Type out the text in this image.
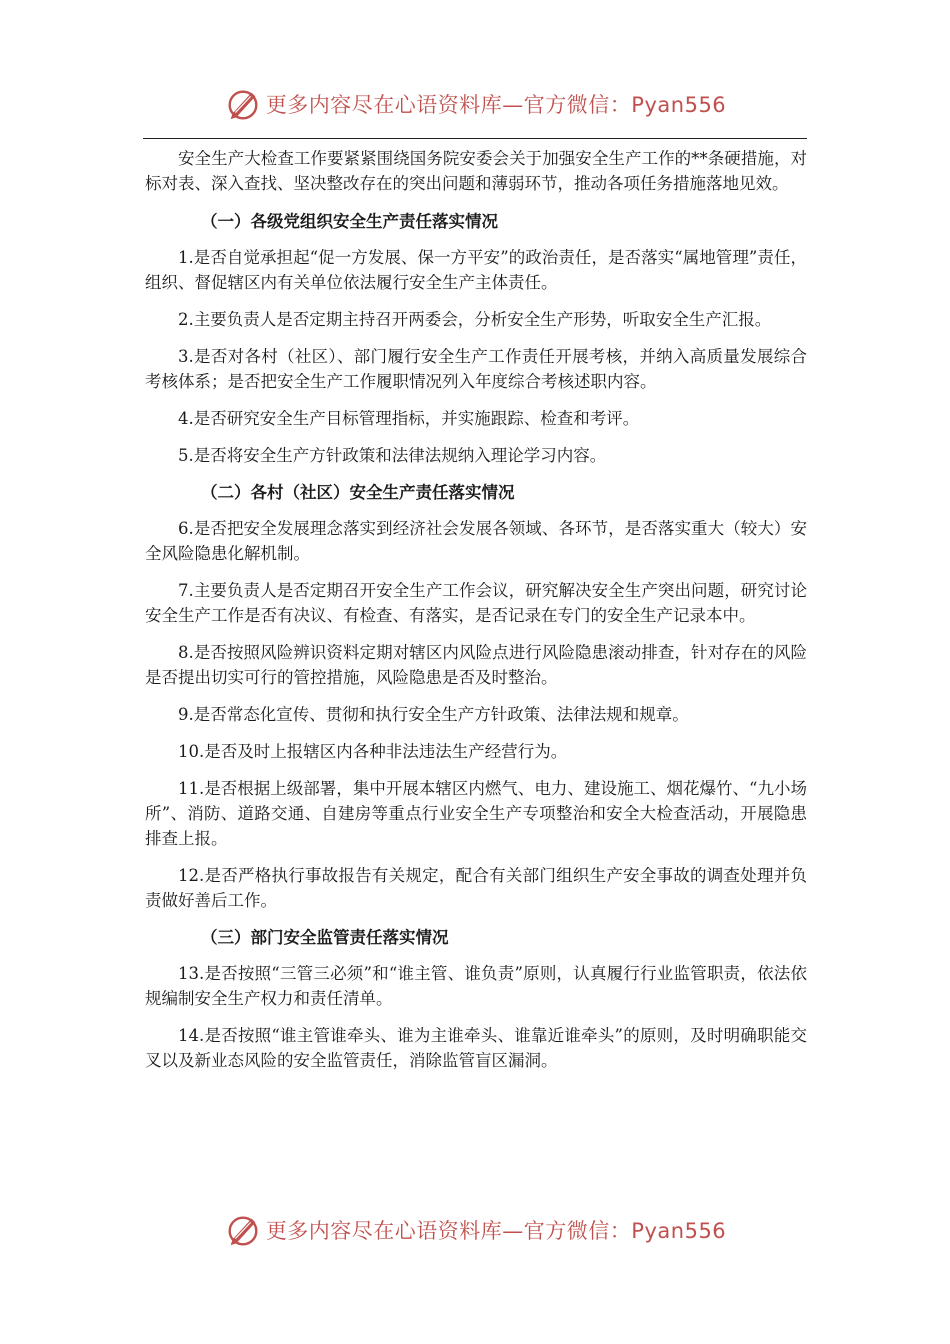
更多内容尽在心语资料库—官方微信：Pyan556

安全生产大检查工作要紧紧围绕国务院安委会关于加强安全生产工作的**条硬措施，对标对表、深入查找、坚决整改存在的突出问题和薄弱环节，推动各项任务措施落地见效。

（一）各级党组织安全生产责任落实情况

1.是否自觉承担起“促一方发展、保一方平安”的政治责任，是否落实“属地管理”责任，组织、督促辖区内有关单位依法履行安全生产主体责任。

2.主要负责人是否定期主持召开两委会，分析安全生产形势，听取安全生产汇报。

3.是否对各村（社区）、部门履行安全生产工作责任开展考核，并纳入高质量发展综合考核体系；是否把安全生产工作履职情况列入年度综合考核述职内容。

4.是否研究安全生产目标管理指标，并实施跟踪、检查和考评。

5.是否将安全生产方针政策和法律法规纳入理论学习内容。

（二）各村（社区）安全生产责任落实情况

6.是否把安全发展理念落实到经济社会发展各领域、各环节，是否落实重大（较大）安全风险隐患化解机制。

7.主要负责人是否定期召开安全生产工作会议，研究解决安全生产突出问题，研究讨论安全生产工作是否有决议、有检查、有落实，是否记录在专门的安全生产记录本中。

8.是否按照风险辨识资料定期对辖区内风险点进行风险隐患滚动排查，针对存在的风险是否提出切实可行的管控措施，风险隐患是否及时整治。

9.是否常态化宣传、贯彻和执行安全生产方针政策、法律法规和规章。

10.是否及时上报辖区内各种非法违法生产经营行为。

11.是否根据上级部署，集中开展本辖区内燃气、电力、建设施工、烟花爆竹、“九小场所”、消防、道路交通、自建房等重点行业安全生产专项整治和安全大检查活动，开展隐患排查上报。

12.是否严格执行事故报告有关规定，配合有关部门组织生产安全事故的调查处理并负责做好善后工作。

（三）部门安全监管责任落实情况

13.是否按照“三管三必须”和“谁主管、谁负责”原则，认真履行行业监管职责，依法依规编制安全生产权力和责任清单。

14.是否按照“谁主管谁牵头、谁为主谁牵头、谁靠近谁牵头”的原则，及时明确职能交叉以及新业态风险的安全监管责任，消除监管盲区漏洞。

更多内容尽在心语资料库—官方微信：Pyan556
